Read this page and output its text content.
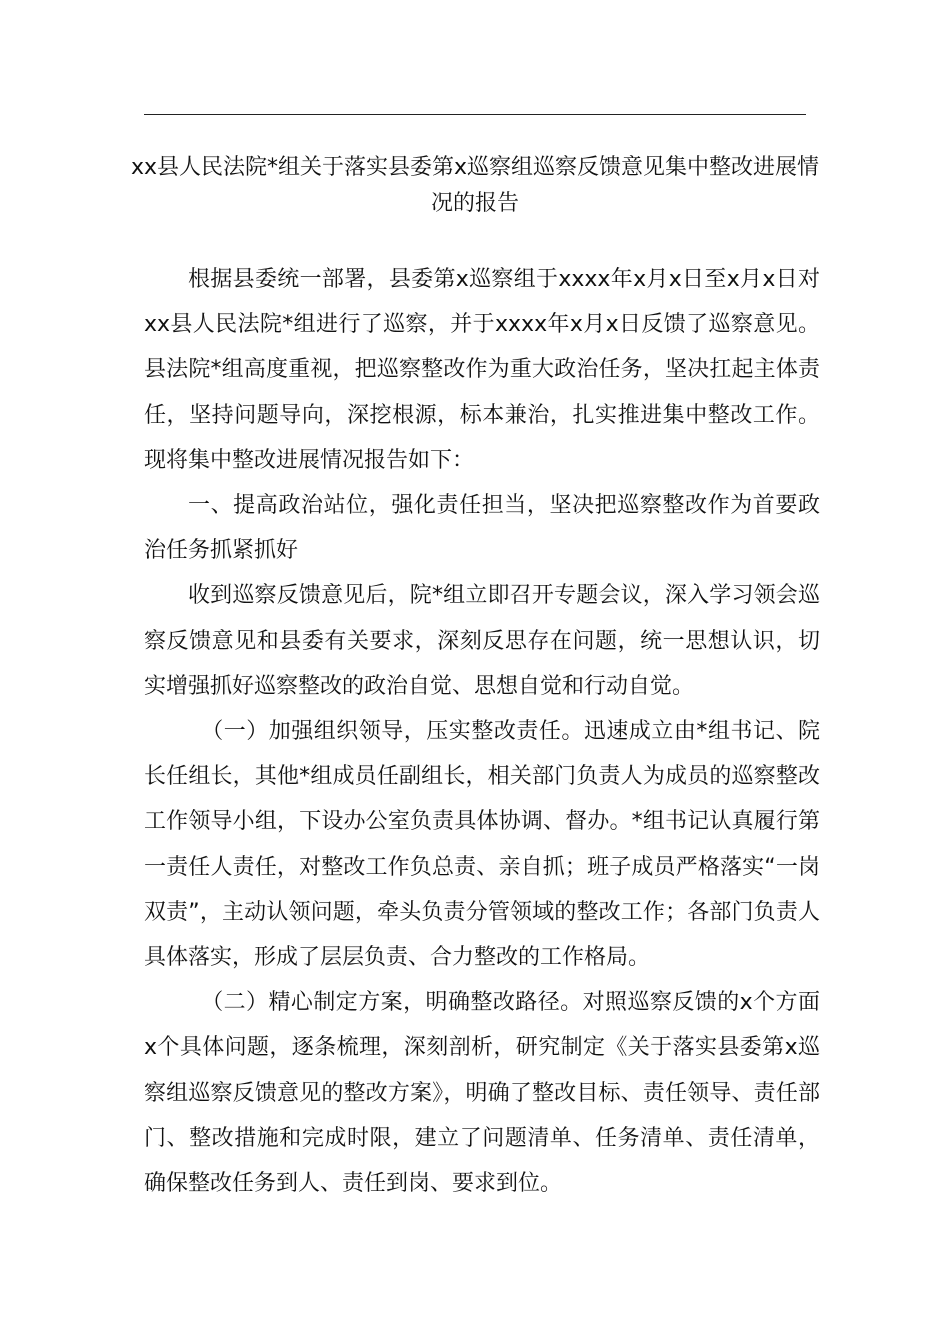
xx县人民法院*组关于落实县委第x巡察组巡察反馈意见集中整改进展情况的报告

根据县委统一部署，县委第x巡察组于xxxx年x月x日至x月x日对xx县人民法院*组进行了巡察，并于xxxx年x月x日反馈了巡察意见。县法院*组高度重视，把巡察整改作为重大政治任务，坚决扛起主体责任，坚持问题导向，深挖根源，标本兼治，扎实推进集中整改工作。现将集中整改进展情况报告如下：

一、提高政治站位，强化责任担当，坚决把巡察整改作为首要政治任务抓紧抓好

收到巡察反馈意见后，院*组立即召开专题会议，深入学习领会巡察反馈意见和县委有关要求，深刻反思存在问题，统一思想认识，切实增强抓好巡察整改的政治自觉、思想自觉和行动自觉。

（一）加强组织领导，压实整改责任。迅速成立由*组书记、院长任组长，其他*组成员任副组长，相关部门负责人为成员的巡察整改工作领导小组，下设办公室负责具体协调、督办。*组书记认真履行第一责任人责任，对整改工作负总责、亲自抓；班子成员严格落实“一岗双责”，主动认领问题，牵头负责分管领域的整改工作；各部门负责人具体落实，形成了层层负责、合力整改的工作格局。

（二）精心制定方案，明确整改路径。对照巡察反馈的x个方面x个具体问题，逐条梳理，深刻剖析，研究制定《关于落实县委第x巡察组巡察反馈意见的整改方案》，明确了整改目标、责任领导、责任部门、整改措施和完成时限，建立了问题清单、任务清单、责任清单，确保整改任务到人、责任到岗、要求到位。
